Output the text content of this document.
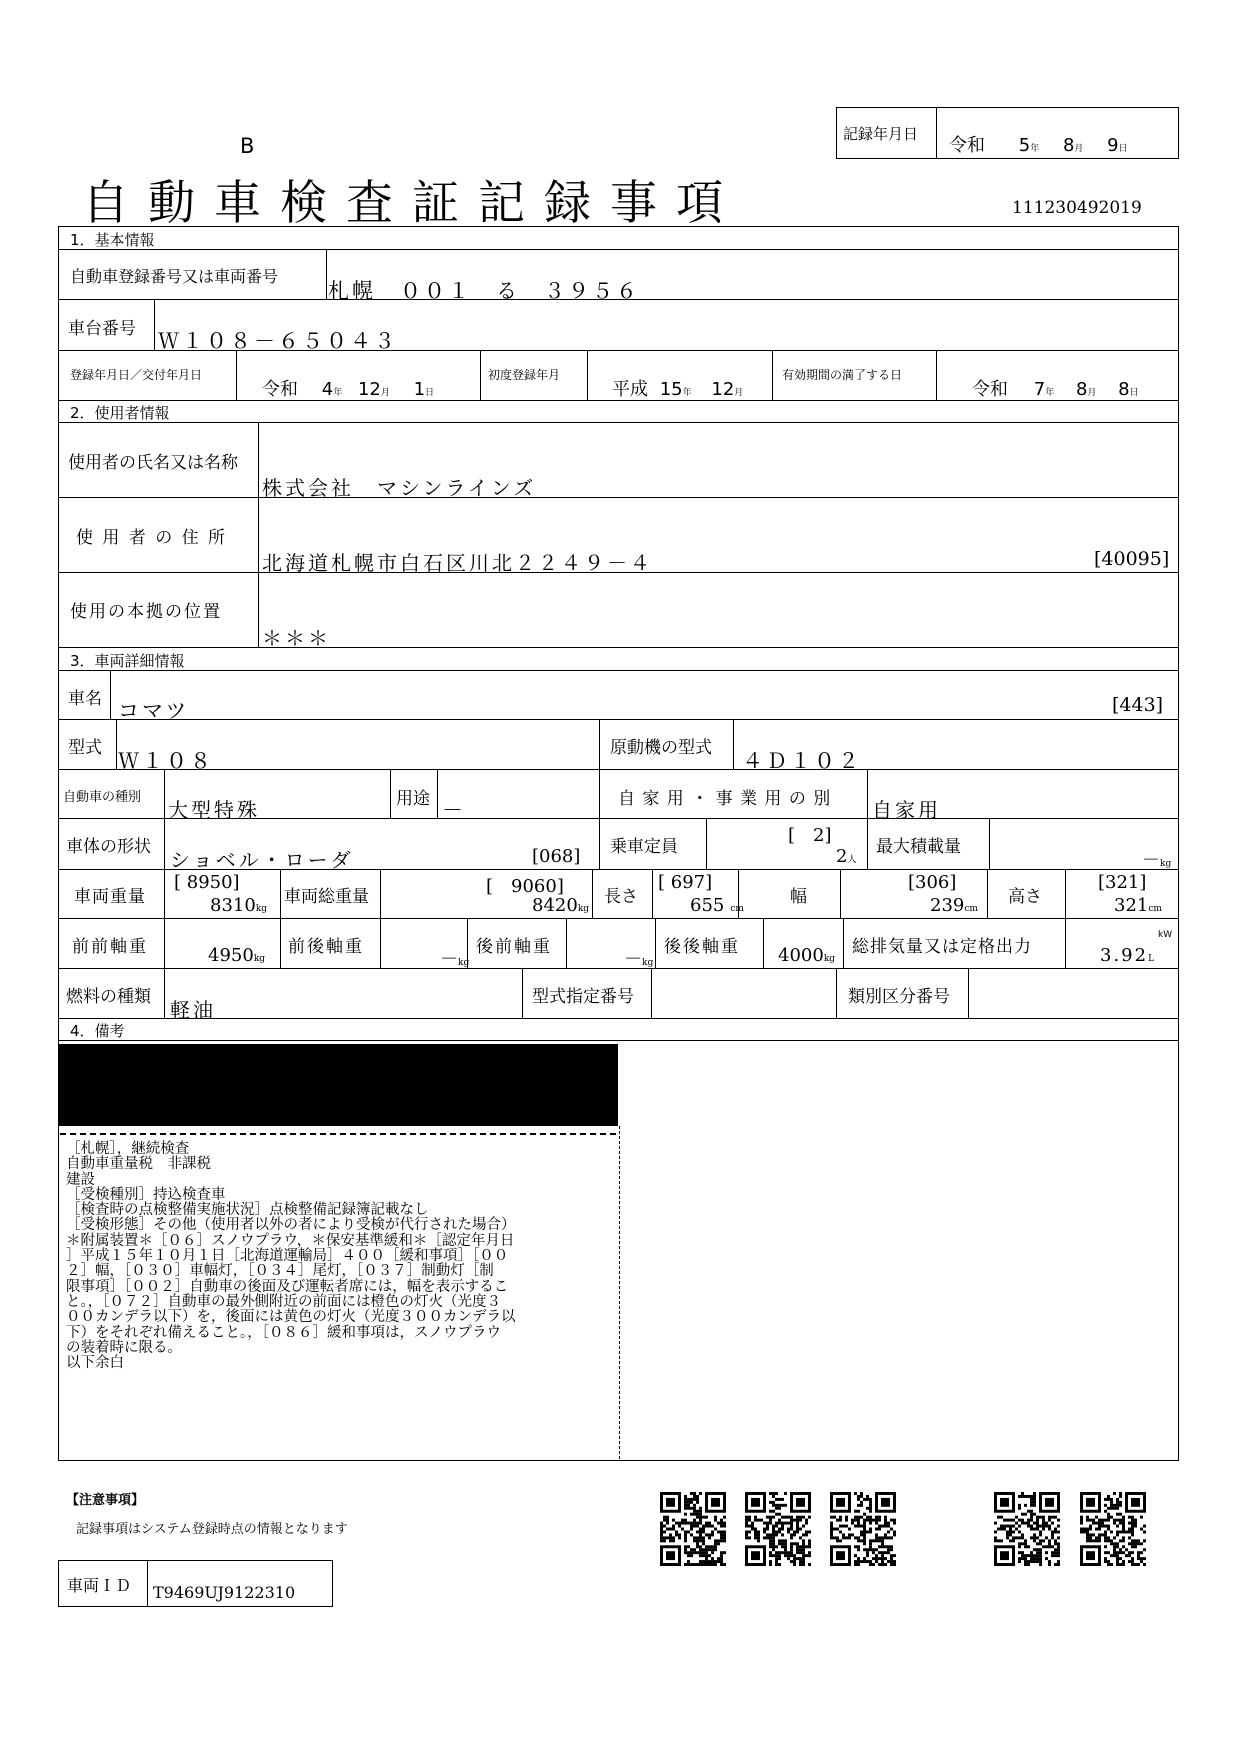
B
自動車検査証記録事項
記録年月日
令和 5年 8月 9日
111230492019
1．基本情報
2．使用者情報
3．車両詳細情報
4．備考
自動車登録番号又は車両番号
札幌　００１　る　３９５６
車台番号 Ｗ１０８－６５０４３
登録年月日／交付年月日
令和 4年 12月 1日
初度登録年月
平成 15年 12月
有効期間の満了する日
令和 7年 8月 8日
使用者の氏名又は名称
株式会社　マシンラインズ
使 用 者 の 住 所
北海道札幌市白石区川北２２４９－４	[40095]
使用の本拠の位置
＊＊＊
車名 コマツ	[443]
型式
Ｗ１０８
原動機の型式
４Ｄ１０２
自動車の種別
大型特殊	用途 －	自 家 用 ・ 事 業 用 の 別 自家用
車体の形状
ショベル・ローダ	[068] 乗車定員
[　2]
2人
最大積載量
－kg
車両重量
[ 8950]
8310kg
車両総重量	[　9060]
8420kg
長さ
[ 697]
655 cm
幅
[306]
239cm
高さ
[321]
321cm
前前軸重	4950kg
前後軸重
－kg
後前軸重
－kg
後後軸重 4000kg
総排気量又は定格出力
kW
3.92L
燃料の種類
軽油
型式指定番号	類別区分番号
［札幌］，継続検査
自動車重量税　非課税
建設
［受検種別］持込検査車
［検査時の点検整備実施状況］点検整備記録簿記載なし
［受検形態］その他（使用者以外の者により受検が代行された場合）
＊附属装置＊［０６］スノウプラウ，＊保安基準緩和＊［認定年月日
］平成１５年１０月１日［北海道運輸局］４００［緩和事項］［００
２］幅，［０３０］車幅灯，［０３４］尾灯，［０３７］制動灯［制
限事項］［００２］自動車の後面及び運転者席には，幅を表示するこ
と。，［０７２］自動車の最外側附近の前面には橙色の灯火（光度３
００カンデラ以下）を，後面には黄色の灯火（光度３００カンデラ以
下）をそれぞれ備えること。，［０８６］緩和事項は，スノウプラウ
の装着時に限る。
以下余白
【注意事項】
記録事項はシステム登録時点の情報となります
車両ＩＤ T9469UJ9122310
